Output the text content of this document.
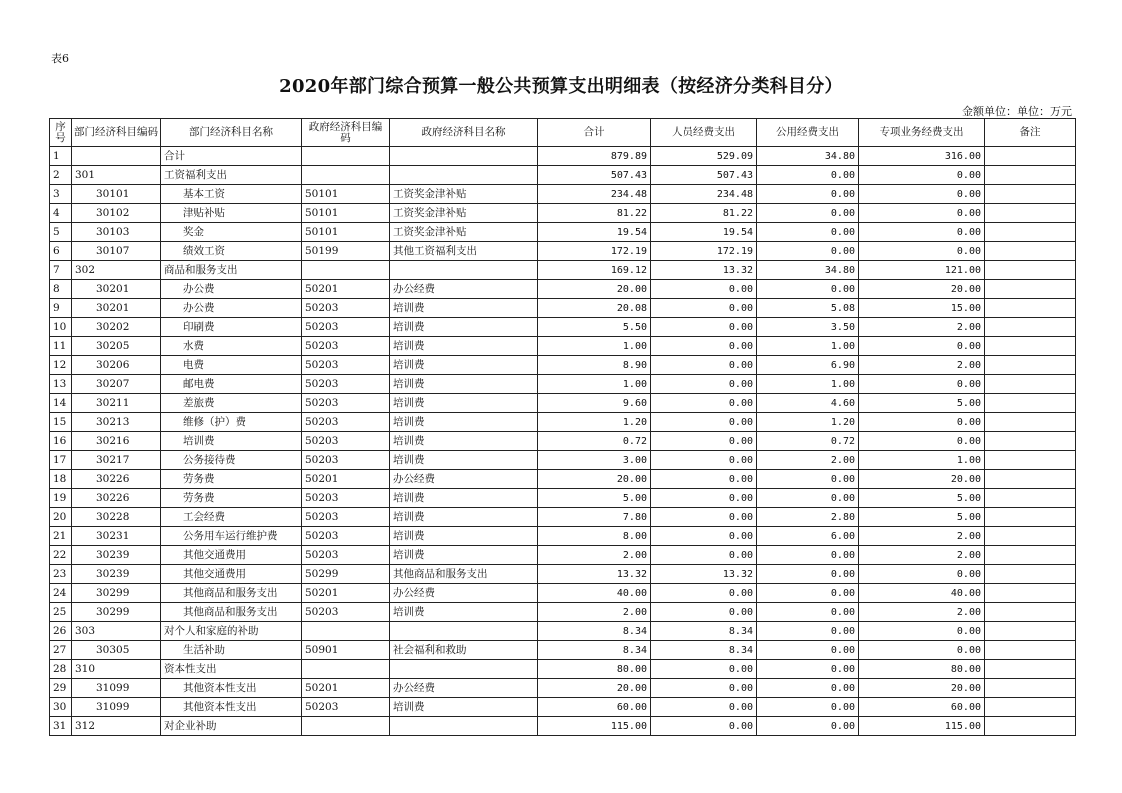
表6
2020年部门综合预算一般公共预算支出明细表（按经济分类科目分）
金额单位：单位：万元
序号	部门经济科目编码	部门经济科目名称	政府经济科目编码	政府经济科目名称	合计	人员经费支出	公用经费支出	专项业务经费支出	备注
1		合计			879.89	529.09	34.80	316.00	
2	301	工资福利支出			507.43	507.43	0.00	0.00	
3	30101	基本工资	50101	工资奖金津补贴	234.48	234.48	0.00	0.00	
4	30102	津贴补贴	50101	工资奖金津补贴	81.22	81.22	0.00	0.00	
5	30103	奖金	50101	工资奖金津补贴	19.54	19.54	0.00	0.00	
6	30107	绩效工资	50199	其他工资福利支出	172.19	172.19	0.00	0.00	
7	302	商品和服务支出			169.12	13.32	34.80	121.00	
8	30201	办公费	50201	办公经费	20.00	0.00	0.00	20.00	
9	30201	办公费	50203	培训费	20.08	0.00	5.08	15.00	
10	30202	印刷费	50203	培训费	5.50	0.00	3.50	2.00	
11	30205	水费	50203	培训费	1.00	0.00	1.00	0.00	
12	30206	电费	50203	培训费	8.90	0.00	6.90	2.00	
13	30207	邮电费	50203	培训费	1.00	0.00	1.00	0.00	
14	30211	差旅费	50203	培训费	9.60	0.00	4.60	5.00	
15	30213	维修（护）费	50203	培训费	1.20	0.00	1.20	0.00	
16	30216	培训费	50203	培训费	0.72	0.00	0.72	0.00	
17	30217	公务接待费	50203	培训费	3.00	0.00	2.00	1.00	
18	30226	劳务费	50201	办公经费	20.00	0.00	0.00	20.00	
19	30226	劳务费	50203	培训费	5.00	0.00	0.00	5.00	
20	30228	工会经费	50203	培训费	7.80	0.00	2.80	5.00	
21	30231	公务用车运行维护费	50203	培训费	8.00	0.00	6.00	2.00	
22	30239	其他交通费用	50203	培训费	2.00	0.00	0.00	2.00	
23	30239	其他交通费用	50299	其他商品和服务支出	13.32	13.32	0.00	0.00	
24	30299	其他商品和服务支出	50201	办公经费	40.00	0.00	0.00	40.00	
25	30299	其他商品和服务支出	50203	培训费	2.00	0.00	0.00	2.00	
26	303	对个人和家庭的补助			8.34	8.34	0.00	0.00	
27	30305	生活补助	50901	社会福利和救助	8.34	8.34	0.00	0.00	
28	310	资本性支出			80.00	0.00	0.00	80.00	
29	31099	其他资本性支出	50201	办公经费	20.00	0.00	0.00	20.00	
30	31099	其他资本性支出	50203	培训费	60.00	0.00	0.00	60.00	
31	312	对企业补助			115.00	0.00	0.00	115.00	
